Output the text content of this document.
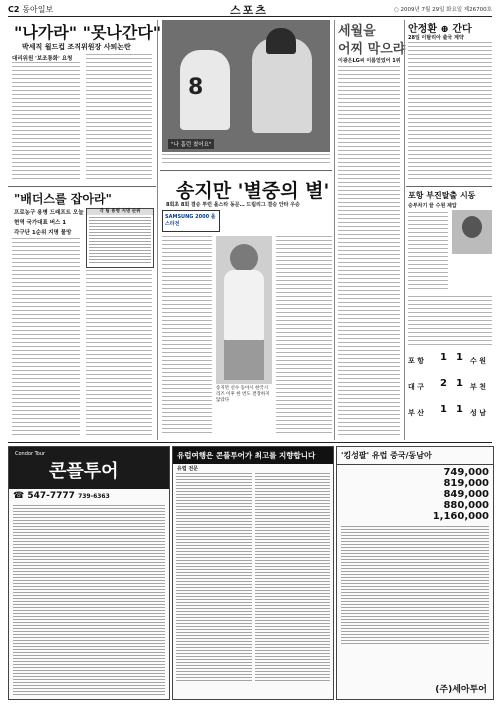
C2 동아일보	스포츠	○ 2009년 7월 29일 화요일 제26700호
"나가라" "못나간다"
박세직 월드컵 조직위원장 사퇴논란
대리위원 '보조통화' 요청
"배더스를 잡아라"
프로농구 용병 드래프트 오늘
현역 국가대표 버스 1
각구단 1순위 지명 물망
각 팀 용병 지명 순위
8
"나 홈런 쳤어요"
세월을
어찌 막으랴
이광은LG씨 이름얻었어 1위
안정환 ⊕ 간다
28일 이탈리아 출국 계약
포항 부진탈출 시동
승부차기 끝 수원 제압
포 항 1 1 수 원
대 구 2 1 부 천
부 산 1 1 성 남
송지만 '별중의 별'
8회초 8회 결승 투런 올스타 동문… 드림리그 결승 안타 우승
SAMSUNG 2000 올스타전
송지만 선수 동아시 한국시리즈 이후 한 번도 결장하지 않았다
Condor Tour
콘플투어
☎ 547-7777 739-6363
유럽여행은 콘플투어가 최고를 지향합니다
유럽 전문
'킹성팔' 유럽 중국/동남아
749,000
819,000
849,000
880,000
1,160,000
(주)세아투어
